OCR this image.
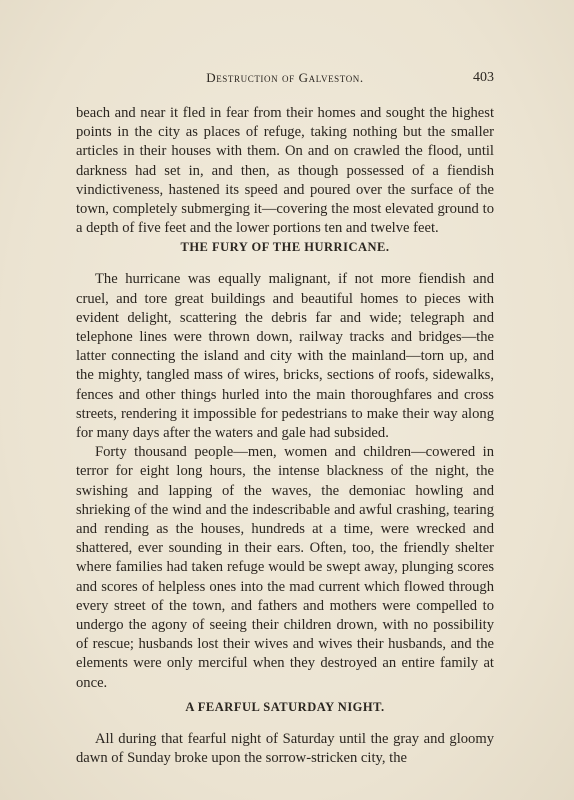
Destruction of Galveston.	403

beach and near it fled in fear from their homes and sought the highest points in the city as places of refuge, taking nothing but the smaller articles in their houses with them. On and on crawled the flood, until darkness had set in, and then, as though possessed of a fiendish vindictiveness, hastened its speed and poured over the surface of the town, completely submerging it—covering the most elevated ground to a depth of five feet and the lower portions ten and twelve feet.

THE FURY OF THE HURRICANE.

The hurricane was equally malignant, if not more fiendish and cruel, and tore great buildings and beautiful homes to pieces with evident delight, scattering the debris far and wide; telegraph and telephone lines were thrown down, railway tracks and bridges—the latter connecting the island and city with the mainland—torn up, and the mighty, tangled mass of wires, bricks, sections of roofs, sidewalks, fences and other things hurled into the main thoroughfares and cross streets, rendering it impossible for pedestrians to make their way along for many days after the waters and gale had subsided.

Forty thousand people—men, women and children—cowered in terror for eight long hours, the intense blackness of the night, the swishing and lapping of the waves, the demoniac howling and shrieking of the wind and the indescribable and awful crashing, tearing and rending as the houses, hundreds at a time, were wrecked and shattered, ever sounding in their ears. Often, too, the friendly shelter where families had taken refuge would be swept away, plunging scores and scores of helpless ones into the mad current which flowed through every street of the town, and fathers and mothers were compelled to undergo the agony of seeing their children drown, with no possibility of rescue; husbands lost their wives and wives their husbands, and the elements were only merciful when they destroyed an entire family at once.

A FEARFUL SATURDAY NIGHT.

All during that fearful night of Saturday until the gray and gloomy dawn of Sunday broke upon the sorrow-stricken city, the
